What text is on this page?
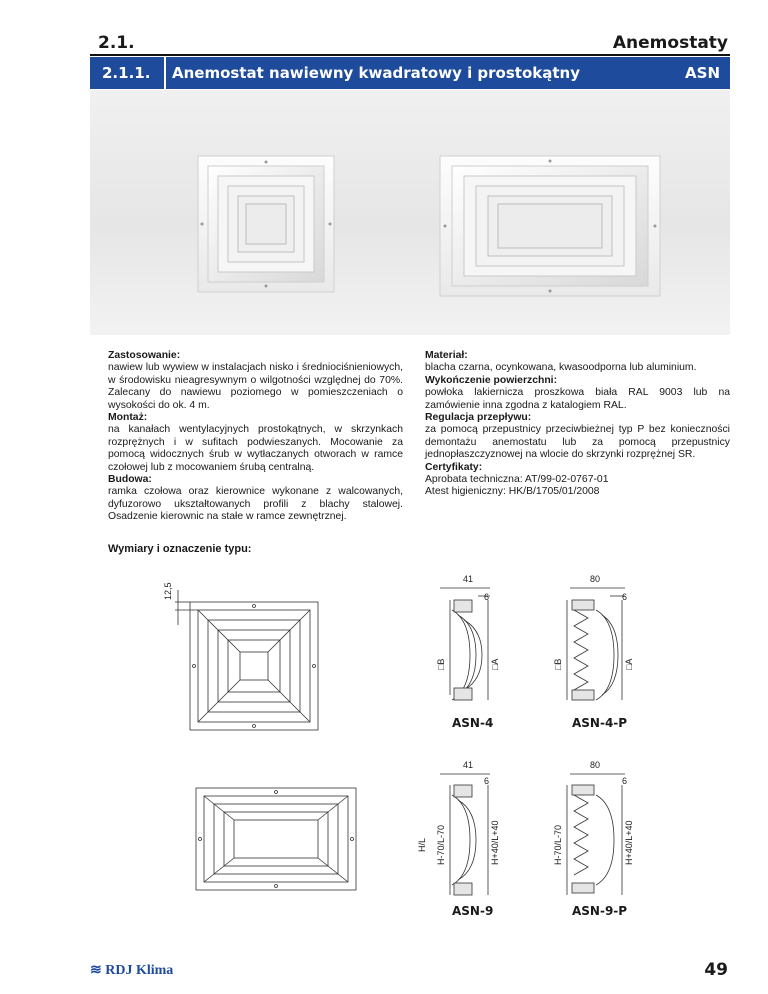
2.1.	Anemostaty
2.1.1. Anemostat nawiewny kwadratowy i prostokątny	ASN

Zastosowanie:

nawiew lub wywiew w instalacjach nisko i średniociśnieniowych, w środowisku nieagresywnym o wilgotności względnej do 70%. Zalecany do nawiewu poziomego w pomieszczeniach o wysokości do ok. 4 m.

Montaż:

na kanałach wentylacyjnych prostokątnych, w skrzynkach rozprężnych i w sufitach podwieszanych. Mocowanie za pomocą widocznych śrub w wytłaczanych otworach w ramce czołowej lub z mocowaniem śrubą centralną.

Budowa:

ramka czołowa oraz kierownice wykonane z walcowanych, dyfuzorowo ukształtowanych profili z blachy stalowej. Osadzenie kierownic na stałe w ramce zewnętrznej.

Materiał:

blacha czarna, ocynkowana, kwasoodporna lub aluminium.

Wykończenie powierzchni:

powłoka lakiernicza proszkowa biała RAL 9003 lub na zamówienie inna zgodna z katalogiem RAL.

Regulacja przepływu:

za pomocą przepustnicy przeciwbieżnej typ P bez konieczności demontażu anemostatu lub za pomocą przepustnicy jednopłaszczyznowej na wlocie do skrzynki rozprężnej SR.

Certyfikaty:

Aprobata techniczna: AT/99-02-0767-01

Atest higieniczny: HK/B/1705/01/2008

Wymiary i oznaczenie typu:
12,5
41
6
80
6
□B	□A	□B	□A
41
6
80
6
H/L H-70/L-70	H+40/L+40	H-70/L-70	H+40/L+40
ASN-4	ASN-4-P
ASN-9	ASN-9-P
≋ RDJ Klima	49
